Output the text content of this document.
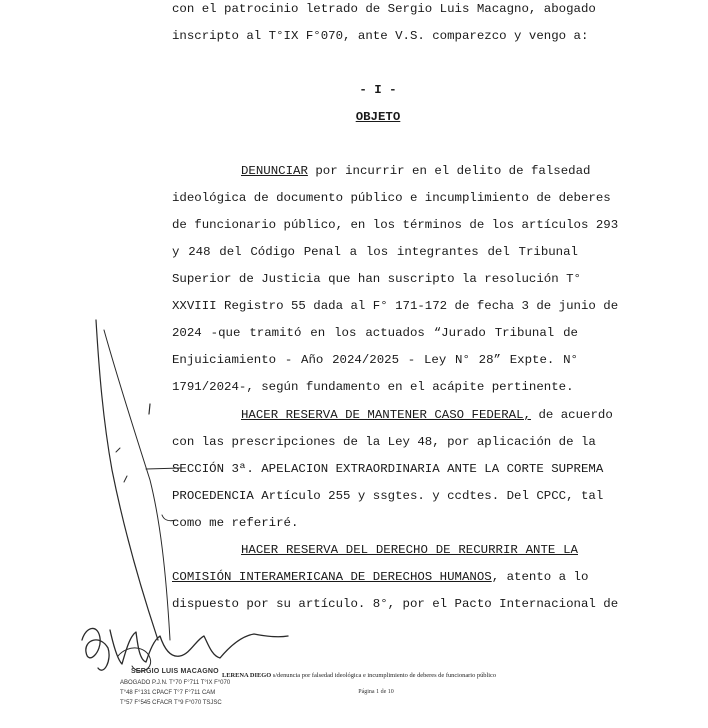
con el patrocinio letrado de Sergio Luis Macagno, abogado
inscripto al T°IX F°070, ante V.S. comparezco y vengo a:
- I -
OBJETO
DENUNCIAR por incurrir en el delito de falsedad
ideológica de documento público e incumplimiento de deberes
de funcionario público, en los términos de los artículos 293
y 248 del Código Penal a los integrantes del Tribunal
Superior de Justicia que han suscripto la resolución T°
XXVIII Registro 55 dada al F° 171-172 de fecha 3 de junio de
2024 -que tramitó en los actuados “Jurado Tribunal de
Enjuiciamiento - Año 2024/2025 - Ley N° 28” Expte. N°
1791/2024-, según fundamento en el acápite pertinente.
HACER RESERVA DE MANTENER CASO FEDERAL, de acuerdo
con las prescripciones de la Ley 48, por aplicación de la
SECCIÓN 3ª. APELACION EXTRAORDINARIA ANTE LA CORTE SUPREMA
PROCEDENCIA Artículo 255 y ssgtes. y ccdtes. Del CPCC, tal
como me referiré.
HACER RESERVA DEL DERECHO DE RECURRIR ANTE LA
COMISIÓN INTERAMERICANA DE DERECHOS HUMANOS , atento a lo
dispuesto por su artículo. 8°, por el Pacto Internacional de
SERGIO LUIS MACAGNO
ABOGADO P.J.N. T°70 F°711 T°IX F°070
T°48 F°131 CPACF T°7 F°711 CAM
T°57 F°545 CFACR T°9 F°070 TSJSC
LERENA DIEGO s/denuncia por falsedad ideológica e incumplimiento de deberes de funcionario público
Página 1 de 10
